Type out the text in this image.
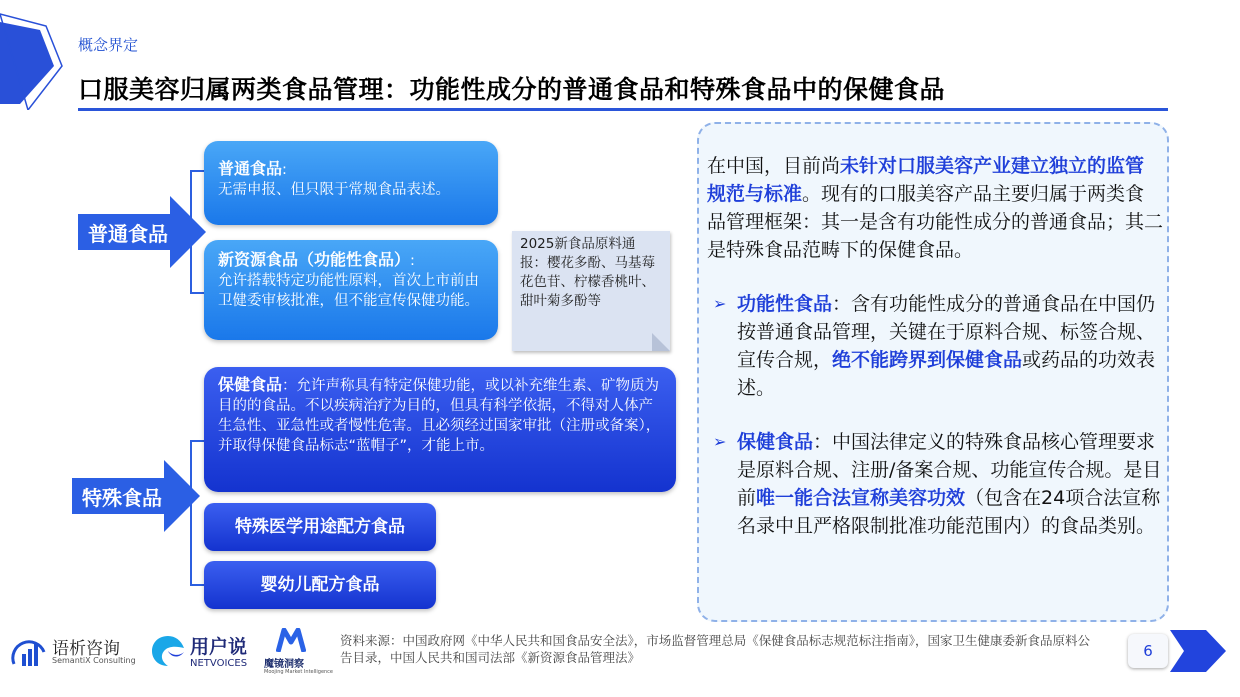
概念界定
口服美容归属两类食品管理：功能性成分的普通食品和特殊食品中的保健食品
普通食品
特殊食品
普通食品:
无需申报、但只限于常规食品表述。
新资源食品（功能性食品）:
允许搭载特定功能性原料，首次上市前由卫健委审核批准，但不能宣传保健功能。
2025新食品原料通报：樱花多酚、马基莓花色苷、柠檬香桃叶、甜叶菊多酚等
保健食品：允许声称具有特定保健功能，或以补充维生素、矿物质为目的的食品。不以疾病治疗为目的，但具有科学依据，不得对人体产生急性、亚急性或者慢性危害。且必须经过国家审批（注册或备案），并取得保健食品标志“蓝帽子”，才能上市。
特殊医学用途配方食品
婴幼儿配方食品
在中国，目前尚未针对口服美容产业建立独立的监管规范与标准。现有的口服美容产品主要归属于两类食品管理框架：其一是含有功能性成分的普通食品；其二是特殊食品范畴下的保健食品。
➢ 功能性食品：含有功能性成分的普通食品在中国仍按普通食品管理，关键在于原料合规、标签合规、宣传合规，绝不能跨界到保健食品或药品的功效表述。
➢ 保健食品：中国法律定义的特殊食品核心管理要求是原料合规、注册/备案合规、功能宣传合规。是目前唯一能合法宣称美容功效（包含在24项合法宣称名录中且严格限制批准功能范围内）的食品类别。
语析咨询
SemantiX Consulting
用户说
NETVOICES 魔镜洞察
Moojing Market Intelligence
资料来源：中国政府网《中华人民共和国食品安全法》，市场监督管理总局《保健食品标志规范标注指南》，国家卫生健康委新食品原料公告目录，中国人民共和国司法部《新资源食品管理法》	6
